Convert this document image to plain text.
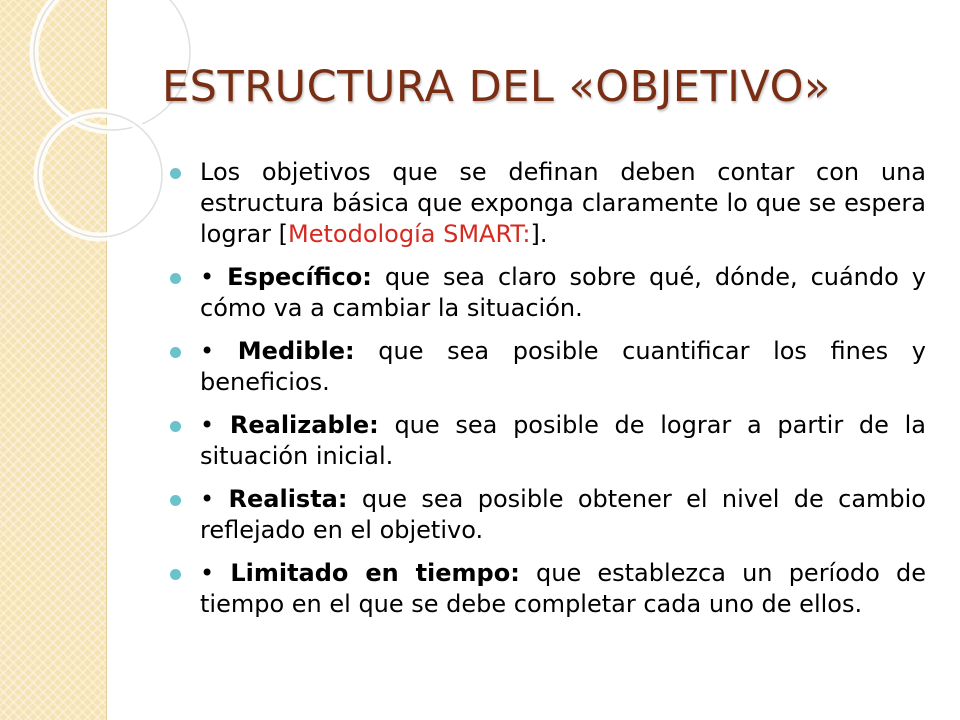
ESTRUCTURA DEL «OBJETIVO»
Los objetivos que se definan deben contar con una estructura básica que exponga claramente lo que se espera lograr [Metodología SMART:].
• Específico: que sea claro sobre qué, dónde, cuándo y cómo va a cambiar la situación.
• Medible: que sea posible cuantificar los fines y beneficios.
• Realizable: que sea posible de lograr a partir de la situación inicial.
• Realista: que sea posible obtener el nivel de cambio reflejado en el objetivo.
• Limitado en tiempo: que establezca un período de tiempo en el que se debe completar cada uno de ellos.
